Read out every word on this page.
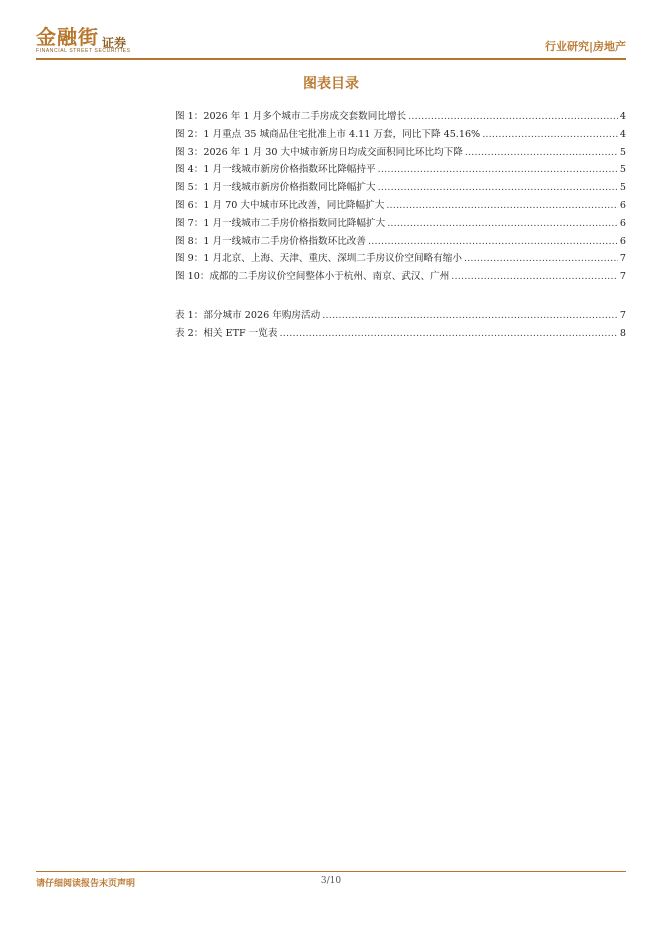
金融街 证券
FINANCIAL STREET SECURITIES	行业研究|房地产
图表目录
图 1：2026 年 1 月多个城市二手房成交套数同比增长 .....	4
图 2：1 月重点 35 城商品住宅批准上市 4.11 万套，同比下降 45.16% .....	4
图 3：2026 年 1 月 30 大中城市新房日均成交面积同比环比均下降 .....	5
图 4：1 月一线城市新房价格指数环比降幅持平 .....	5
图 5：1 月一线城市新房价格指数同比降幅扩大 .....	5
图 6：1 月 70 大中城市环比改善，同比降幅扩大 .....	6
图 7：1 月一线城市二手房价格指数同比降幅扩大 .....	6
图 8：1 月一线城市二手房价格指数环比改善 .....	6
图 9：1 月北京、上海、天津、重庆、深圳二手房议价空间略有缩小 .....	7
图 10：成都的二手房议价空间整体小于杭州、南京、武汉、广州 .....	7
表 1：部分城市 2026 年购房活动 .....	7
表 2：相关 ETF 一览表 .....	8
请仔细阅读报告末页声明	3/10
